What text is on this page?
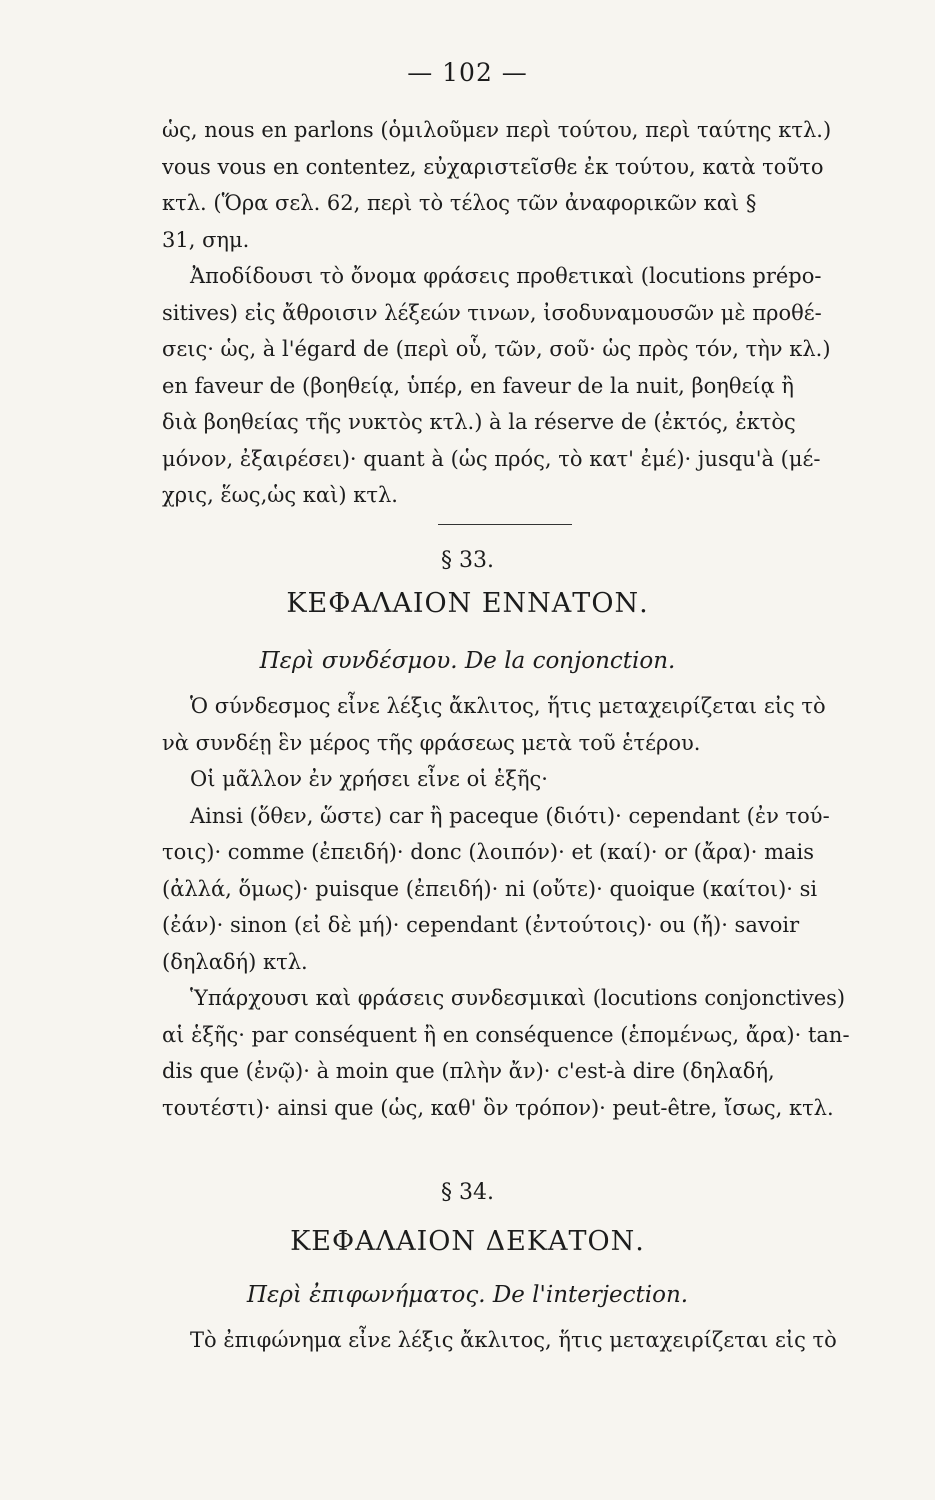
— 102 —
ὡς, nous en parlons (ὁμιλοῦμεν περὶ τούτου, περὶ ταύτης κτλ.)
vous vous en contentez, εὐχαριστεῖσθε ἐκ τούτου, κατὰ τοῦτο
κτλ. (Ὅρα σελ. 62, περὶ τὸ τέλος τῶν ἀναφορικῶν καὶ §
31, σημ.
Ἀποδίδουσι τὸ ὄνομα φράσεις προθετικαὶ (locutions prépo-
sitives) εἰς ἄθροισιν λέξεών τινων, ἰσοδυναμουσῶν μὲ προθέ-
σεις· ὡς, à l'égard de (περὶ οὗ, τῶν, σοῦ· ὡς πρὸς τόν, τὴν κλ.)
en faveur de (βοηθείᾳ, ὑπέρ, en faveur de la nuit, βοηθείᾳ ἢ
διὰ βοηθείας τῆς νυκτὸς κτλ.) à la réserve de (ἐκτός, ἐκτὸς
μόνον, ἐξαιρέσει)· quant à (ὡς πρός, τὸ κατ' ἐμέ)· jusqu'à (μέ-
χρις, ἕως,ὡς καὶ) κτλ.
§ 33.
ΚΕΦΑΛΑΙΟΝ ΕΝΝΑΤΟΝ.
Περὶ συνδέσμου. De la conjonction.
Ὁ σύνδεσμος εἶνε λέξις ἄκλιτος, ἥτις μεταχειρίζεται εἰς τὸ
νὰ συνδέῃ ἓν μέρος τῆς φράσεως μετὰ τοῦ ἑτέρου.
Οἱ μᾶλλον ἐν χρήσει εἶνε οἱ ἑξῆς·
Ainsi (ὅθεν, ὥστε) car ἢ paceque (διότι)· cependant (ἐν τού-
τοις)· comme (ἐπειδή)· donc (λοιπόν)· et (καί)· or (ἄρα)· mais
(ἀλλά, ὅμως)· puisque (ἐπειδή)· ni (οὔτε)· quoique (καίτοι)· si
(ἐάν)· sinon (εἰ δὲ μή)· cependant (ἐντούτοις)· ou (ἤ)· savoir
(δηλαδή) κτλ.
Ὑπάρχουσι καὶ φράσεις συνδεσμικαὶ (locutions conjonctives)
αἱ ἑξῆς· par conséquent ἢ en conséquence (ἑπομένως, ἄρα)· tan-
dis que (ἐνῷ)· à moin que (πλὴν ἄν)· c'est-à dire (δηλαδή,
τουτέστι)· ainsi que (ὡς, καθ' ὃν τρόπον)· peut-être, ἴσως, κτλ.
§ 34.
ΚΕΦΑΛΑΙΟΝ ΔΕΚΑΤΟΝ.
Περὶ ἐπιφωνήματος. De l'interjection.
Τὸ ἐπιφώνημα εἶνε λέξις ἄκλιτος, ἥτις μεταχειρίζεται εἰς τὸ
